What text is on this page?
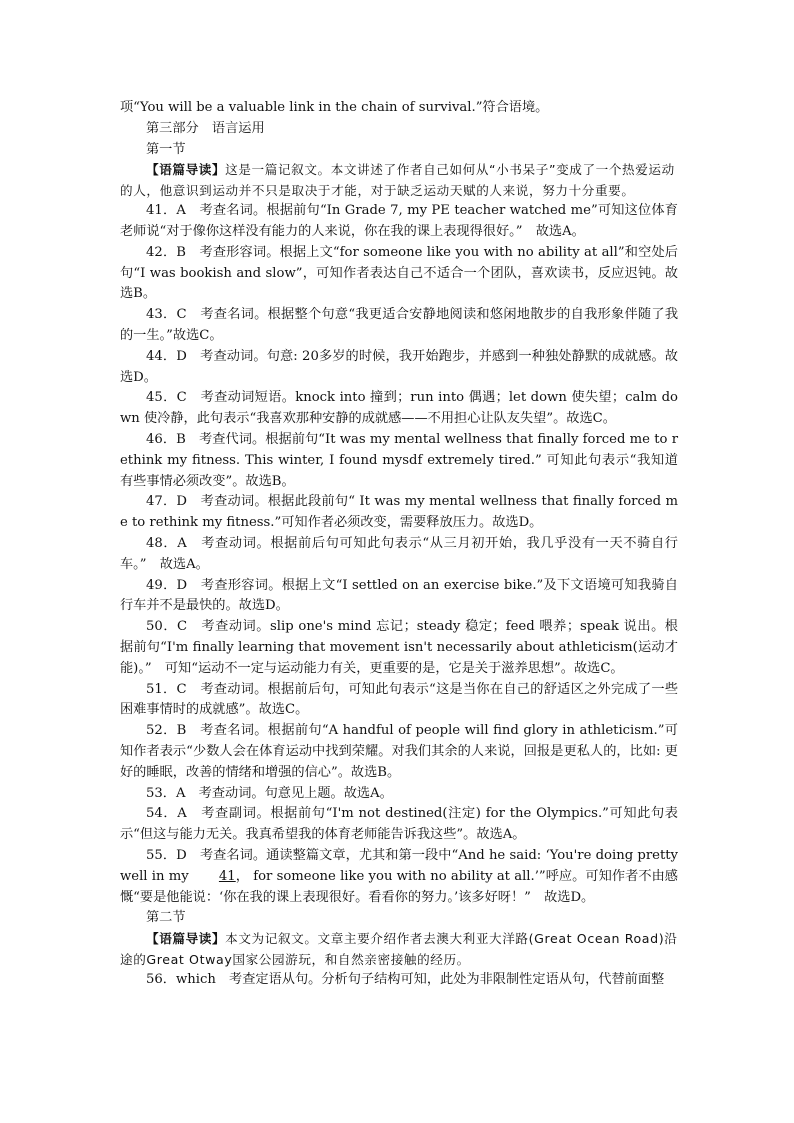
项“You will be a valuable link in the chain of survival.”符合语境。

第三部分　语言运用

第一节

【语篇导读】这是一篇记叙文。本文讲述了作者自己如何从“小书呆子”变成了一个热爱运动的人，他意识到运动并不只是取决于才能，对于缺乏运动天赋的人来说，努力十分重要。

41．A　考查名词。根据前句“In Grade 7, my PE teacher watched me”可知这位体育老师说“对于像你这样没有能力的人来说，你在我的课上表现得很好。”　故选A。

42．B　考查形容词。根据上文“for someone like you with no ability at all”和空处后句“I was bookish and slow”，可知作者表达自己不适合一个团队，喜欢读书，反应迟钝。故选B。

43．C　考查名词。根据整个句意“我更适合安静地阅读和悠闲地散步的自我形象伴随了我的一生。”故选C。

44．D　考查动词。句意: 20多岁的时候，我开始跑步，并感到一种独处静默的成就感。故选D。

45．C　考查动词短语。knock into 撞到；run into 偶遇；let down 使失望；calm down 使冷静，此句表示“我喜欢那种安静的成就感——不用担心让队友失望”。故选C。

46．B　考查代词。根据前句“It was my mental wellness that finally forced me to rethink my fitness. This winter, I found mysdf extremely tired.” 可知此句表示“我知道有些事情必须改变”。故选B。

47．D　考查动词。根据此段前句“ It was my mental wellness that finally forced me to rethink my fitness.”可知作者必须改变，需要释放压力。故选D。

48．A　考查动词。根据前后句可知此句表示“从三月初开始，我几乎没有一天不骑自行车。”　故选A。

49．D　考查形容词。根据上文“I settled on an exercise bike.”及下文语境可知我骑自行车并不是最快的。故选D。

50．C　考查动词。slip one's mind 忘记；steady 稳定；feed 喂养；speak 说出。根据前句“I'm finally learning that movement isn't necessarily about athleticism(运动才能)。”　可知“运动不一定与运动能力有关，更重要的是，它是关于滋养思想”。故选C。

51．C　考查动词。根据前后句，可知此句表示“这是当你在自己的舒适区之外完成了一些困难事情时的成就感”。故选C。

52．B　考查名词。根据前句“A handful of people will find glory in athleticism.”可知作者表示“少数人会在体育运动中找到荣耀。对我们其余的人来说，回报是更私人的，比如: 更好的睡眠，改善的情绪和增强的信心”。故选B。

53．A　考查动词。句意见上题。故选A。

54．A　考查副词。根据前句“I'm not destined(注定) for the Olympics.”可知此句表示“但这与能力无关。我真希望我的体育老师能告诉我这些”。故选A。

55．D　考查名词。通读整篇文章，尤其和第一段中“And he said: ‘You're doing pretty well in my 41， for someone like you with no ability at all.’”呼应。可知作者不由感慨“要是他能说：‘你在我的课上表现很好。看看你的努力。’该多好呀！”　故选D。

第二节

【语篇导读】本文为记叙文。文章主要介绍作者去澳大利亚大洋路(Great Ocean Road)沿途的Great Otway国家公园游玩，和自然亲密接触的经历。

56．which　考查定语从句。分析句子结构可知，此处为非限制性定语从句，代替前面整
